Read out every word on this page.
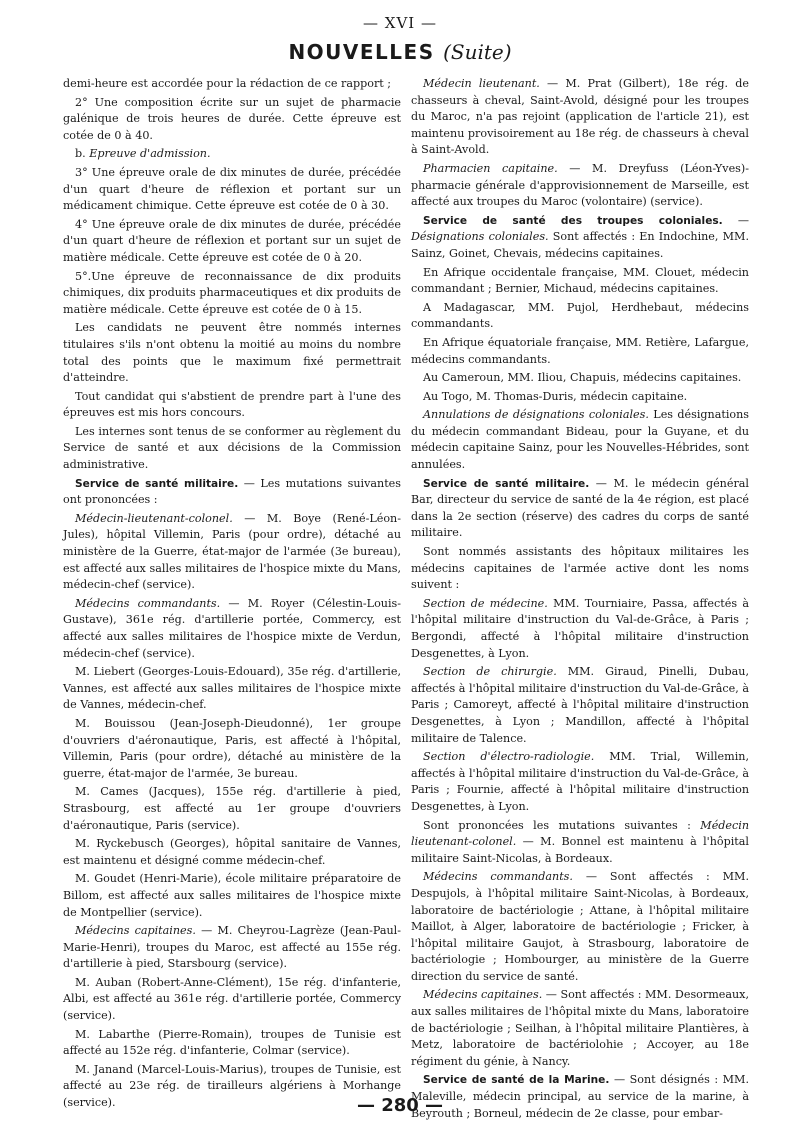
— XVI —
NOUVELLES (Suite)

demi-heure est accordée pour la rédaction de ce rapport ;

2° Une composition écrite sur un sujet de pharmacie galénique de trois heures de durée. Cette épreuve est cotée de 0 à 40.

b. Epreuve d'admission.

3° Une épreuve orale de dix minutes de durée, précédée d'un quart d'heure de réflexion et portant sur un médicament chimique. Cette épreuve est cotée de 0 à 30.

4° Une épreuve orale de dix minutes de durée, précédée d'un quart d'heure de réflexion et portant sur un sujet de matière médicale. Cette épreuve est cotée de 0 à 20.

5°.Une épreuve de reconnaissance de dix produits chimiques, dix produits pharmaceutiques et dix produits de matière médicale. Cette épreuve est cotée de 0 à 15.

Les candidats ne peuvent être nommés internes titulaires s'ils n'ont obtenu la moitié au moins du nombre total des points que le maximum fixé permettrait d'atteindre.

Tout candidat qui s'abstient de prendre part à l'une des épreuves est mis hors concours.

Les internes sont tenus de se conformer au règlement du Service de santé et aux décisions de la Commission administrative.

Service de santé militaire. — Les mutations suivantes ont prononcées :

Médecin-lieutenant-colonel. — M. Boye (René-Léon-Jules), hôpital Villemin, Paris (pour ordre), détaché au ministère de la Guerre, état-major de l'armée (3e bureau), est affecté aux salles militaires de l'hospice mixte du Mans, médecin-chef (service).

Médecins commandants. — M. Royer (Célestin-Louis-Gustave), 361e rég. d'artillerie portée, Commercy, est affecté aux salles militaires de l'hospice mixte de Verdun, médecin-chef (service).

M. Liebert (Georges-Louis-Edouard), 35e rég. d'artillerie, Vannes, est affecté aux salles militaires de l'hospice mixte de Vannes, médecin-chef.

M. Bouissou (Jean-Joseph-Dieudonné), 1er groupe d'ouvriers d'aéronautique, Paris, est affecté à l'hôpital, Villemin, Paris (pour ordre), détaché au ministère de la guerre, état-major de l'armée, 3e bureau.

M. Cames (Jacques), 155e rég. d'artillerie à pied, Strasbourg, est affecté au 1er groupe d'ouvriers d'aéronautique, Paris (service).

M. Ryckebusch (Georges), hôpital sanitaire de Vannes, est maintenu et désigné comme médecin-chef.

M. Goudet (Henri-Marie), école militaire préparatoire de Billom, est affecté aux salles militaires de l'hospice mixte de Montpellier (service).

Médecins capitaines. — M. Cheyrou-Lagrèze (Jean-Paul-Marie-Henri), troupes du Maroc, est affecté au 155e rég. d'artillerie à pied, Starsbourg (service).

M. Auban (Robert-Anne-Clément), 15e rég. d'infanterie, Albi, est affecté au 361e rég. d'artillerie portée, Commercy (service).

M. Labarthe (Pierre-Romain), troupes de Tunisie est affecté au 152e rég. d'infanterie, Colmar (service).

M. Janand (Marcel-Louis-Marius), troupes de Tunisie, est affecté au 23e rég. de tirailleurs algériens à Morhange (service).

Médecin lieutenant. — M. Prat (Gilbert), 18e rég. de chasseurs à cheval, Saint-Avold, désigné pour les troupes du Maroc, n'a pas rejoint (application de l'article 21), est maintenu provisoirement au 18e rég. de chasseurs à cheval à Saint-Avold.

Pharmacien capitaine. — M. Dreyfuss (Léon-Yves)-pharmacie générale d'approvisionnement de Marseille, est affecté aux troupes du Maroc (volontaire) (service).

Service de santé des troupes coloniales. — Désignations coloniales. Sont affectés : En Indochine, MM. Sainz, Goinet, Chevais, médecins capitaines.

En Afrique occidentale française, MM. Clouet, médecin commandant ; Bernier, Michaud, médecins capitaines.

A Madagascar, MM. Pujol, Herdhebaut, médecins commandants.

En Afrique équatoriale française, MM. Retière, Lafargue, médecins commandants.

Au Cameroun, MM. Iliou, Chapuis, médecins capitaines.

Au Togo, M. Thomas-Duris, médecin capitaine.

Annulations de désignations coloniales. Les désignations du médecin commandant Bideau, pour la Guyane, et du médecin capitaine Sainz, pour les Nouvelles-Hébrides, sont annulées.

Service de santé militaire. — M. le médecin général Bar, directeur du service de santé de la 4e région, est placé dans la 2e section (réserve) des cadres du corps de santé militaire.

Sont nommés assistants des hôpitaux militaires les médecins capitaines de l'armée active dont les noms suivent :

Section de médecine. MM. Tourniaire, Passa, affectés à l'hôpital militaire d'instruction du Val-de-Grâce, à Paris ; Bergondi, affecté à l'hôpital militaire d'instruction Desgenettes, à Lyon.

Section de chirurgie. MM. Giraud, Pinelli, Dubau, affectés à l'hôpital militaire d'instruction du Val-de-Grâce, à Paris ; Camoreyt, affecté à l'hôpital militaire d'instruction Desgenettes, à Lyon ; Mandillon, affecté à l'hôpital militaire de Talence.

Section d'électro-radiologie. MM. Trial, Willemin, affectés à l'hôpital militaire d'instruction du Val-de-Grâce, à Paris ; Fournie, affecté à l'hôpital militaire d'instruction Desgenettes, à Lyon.

Sont prononcées les mutations suivantes : Médecin lieutenant-colonel. — M. Bonnel est maintenu à l'hôpital militaire Saint-Nicolas, à Bordeaux.

Médecins commandants. — Sont affectés : MM. Despujols, à l'hôpital militaire Saint-Nicolas, à Bordeaux, laboratoire de bactériologie ; Attane, à l'hôpital militaire Maillot, à Alger, laboratoire de bactériologie ; Fricker, à l'hôpital militaire Gaujot, à Strasbourg, laboratoire de bactériologie ; Hombourger, au ministère de la Guerre direction du service de santé.

Médecins capitaines. — Sont affectés : MM. Desormeaux, aux salles militaires de l'hôpital mixte du Mans, laboratoire de bactériologie ; Seilhan, à l'hôpital militaire Plantières, à Metz, laboratoire de bactériolohie ; Accoyer, au 18e régiment du génie, à Nancy.

Service de santé de la Marine. — Sont désignés : MM. Maleville, médecin principal, au service de la marine, à Beyrouth ; Borneul, médecin de 2e classe, pour embar-

— 280 —
